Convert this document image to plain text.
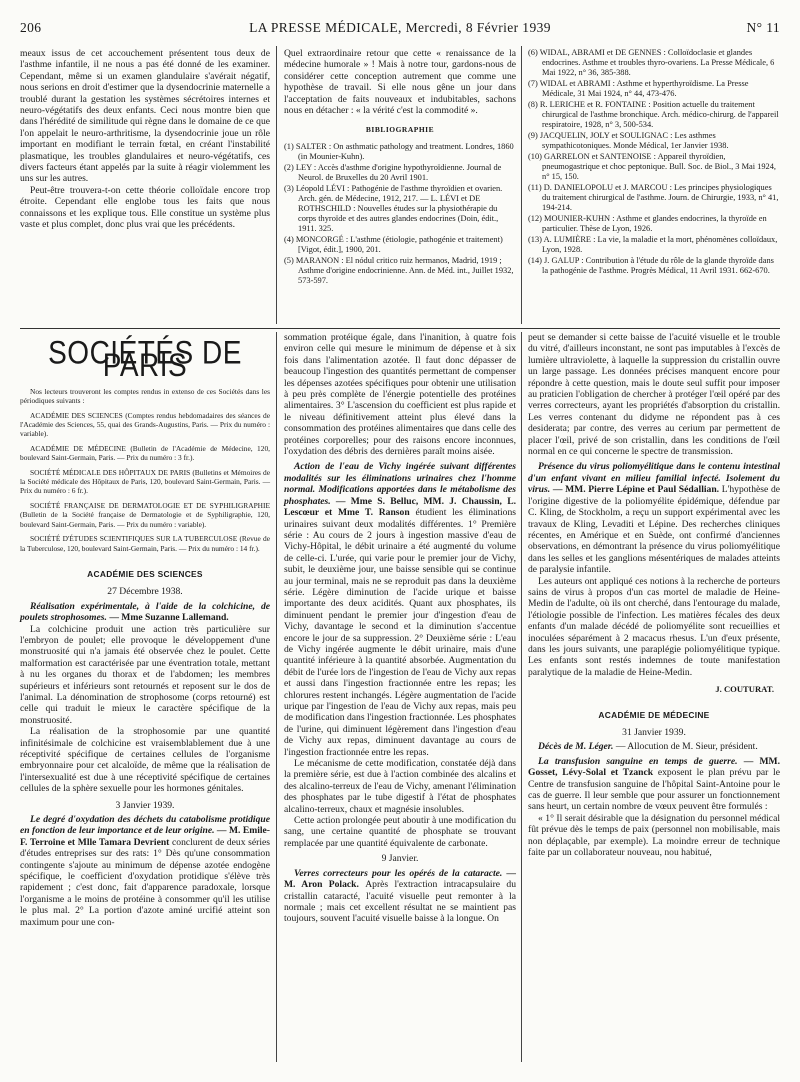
206	LA PRESSE MÉDICALE, Mercredi, 8 Février 1939	N° 11

meaux issus de cet accouchement présentent tous deux de l'asthme infantile, il ne nous a pas été donné de les examiner. Cependant, même si un examen glandulaire s'avérait négatif, nous serions en droit d'estimer que la dysendocrinie maternelle a troublé durant la gestation les systèmes sécrétoires internes et neuro-végétatifs des deux enfants. Ceci nous montre bien que dans l'hérédité de similitude qui règne dans le domaine de ce que l'on appelait le neuro-arthritisme, la dysendocrinie joue un rôle important en modifiant le terrain fœtal, en créant l'instabilité plasmatique, les troubles glandulaires et neuro-végétatifs, ces divers facteurs étant appelés par la suite à réagir violemment les uns sur les autres.

Peut-être trouvera-t-on cette théorie colloïdale encore trop étroite. Cependant elle englobe tous les faits que nous connaissons et les explique tous. Elle constitue un système plus vaste et plus complet, donc plus vrai que les précédents.

Quel extraordinaire retour que cette « renaissance de la médecine humorale » ! Mais à notre tour, gardons-nous de considérer cette conception autrement que comme une hypothèse de travail. Si elle nous gêne un jour dans l'acceptation de faits nouveaux et indubitables, sachons nous en détacher : « la vérité c'est la commodité ».

BIBLIOGRAPHIE
(1) SALTER : On asthmatic pathology and treatment. Londres, 1860 (in Mounier-Kuhn).
(2) LEY : Accès d'asthme d'origine hypothyroïdienne. Journal de Neurol. de Bruxelles du 20 Avril 1901.
(3) Léopold LÉVI : Pathogénie de l'asthme thyroïdien et ovarien. Arch. gén. de Médecine, 1912, 217. — L. LÉVI et DE ROTHSCHILD : Nouvelles études sur la physiothérapie du corps thyroïde et des autres glandes endocrines (Doin, édit., 1911. 325.
(4) MONCORGÉ : L'asthme (étiologie, pathogénie et traitement) [Vigot, édit.], 1900, 201.
(5) MARANON : El nódul critico ruiz hermanos, Madrid, 1919 ; Asthme d'origine endocrinienne. Ann. de Méd. int., Juillet 1932, 573-597.
(6) WIDAL, ABRAMI et DE GENNES : Colloïdoclasie et glandes endocrines. Asthme et troubles thyro-ovariens. La Presse Médicale, 6 Mai 1922, n° 36, 385-388.
(7) WIDAL et ABRAMI : Asthme et hyperthyroïdisme. La Presse Médicale, 31 Mai 1924, n° 44, 473-476.
(8) R. LERICHE et R. FONTAINE : Position actuelle du traitement chirurgical de l'asthme bronchique. Arch. médico-chirurg. de l'appareil respiratoire, 1928, n° 3, 500-534.
(9) JACQUELIN, JOLY et SOULIGNAC : Les asthmes sympathicotoniques. Monde Médical, 1er Janvier 1938.
(10) GARRELON et SANTENOISE : Appareil thyroïdien, pneumogastrique et choc peptonique. Bull. Soc. de Biol., 3 Mai 1924, n° 15, 150.
(11) D. DANIELOPOLU et J. MARCOU : Les principes physiologiques du traitement chirurgical de l'asthme. Journ. de Chirurgie, 1933, n° 41, 194-214.
(12) MOUNIER-KUHN : Asthme et glandes endocrines, la thyroïde en particulier. Thèse de Lyon, 1926.
(13) A. LUMIÈRE : La vie, la maladie et la mort, phénomènes colloïdaux, Lyon, 1928.
(14) J. GALUP : Contribution à l'étude du rôle de la glande thyroïde dans la pathogénie de l'asthme. Progrès Médical, 11 Avril 1931. 662-670.
SOCIÉTÉS DE PARIS
Nos lecteurs trouveront les comptes rendus in extenso de ces Sociétés dans les périodiques suivants :
ACADÉMIE DES SCIENCES (Comptes rendus hebdomadaires des séances de l'Académie des Sciences, 55, quai des Grands-Augustins, Paris. — Prix du numéro : variable).
ACADÉMIE DE MÉDECINE (Bulletin de l'Académie de Médecine, 120, boulevard Saint-Germain, Paris. — Prix du numéro : 3 fr.).
SOCIÉTÉ MÉDICALE DES HÔPITAUX DE PARIS (Bulletins et Mémoires de la Société médicale des Hôpitaux de Paris, 120, boulevard Saint-Germain, Paris. — Prix du numéro : 6 fr.).
SOCIÉTÉ FRANÇAISE DE DERMATOLOGIE ET DE SYPHILIGRAPHIE (Bulletin de la Société française de Dermatologie et de Syphiligraphie, 120, boulevard Saint-Germain, Paris. — Prix du numéro : variable).
SOCIÉTÉ D'ÉTUDES SCIENTIFIQUES SUR LA TUBERCULOSE (Revue de la Tuberculose, 120, boulevard Saint-Germain, Paris. — Prix du numéro : 14 fr.).
ACADÉMIE DES SCIENCES
27 Décembre 1938.

Réalisation expérimentale, à l'aide de la colchicine, de poulets strophosomes. — Mme Suzanne Lallemand.

La colchicine produit une action très particulière sur l'embryon de poulet; elle provoque le développement d'une monstruosité qui n'a jamais été observée chez le poulet. Cette malformation est caractérisée par une éventration totale, mettant à nu les organes du thorax et de l'abdomen; les membres supérieurs et inférieurs sont retournés et reposent sur le dos de l'animal. La dénomination de strophosome (corps retourné) est celle qui traduit le mieux le caractère spécifique de la monstruosité.

La réalisation de la strophosomie par une quantité infinitésimale de colchicine est vraisemblablement due à une réceptivité spécifique de certaines cellules de l'organisme embryonnaire pour cet alcaloïde, de même que la réalisation de l'intersexualité est due à une réceptivité spécifique de certaines cellules de la sphère sexuelle pour les hormones génitales.

3 Janvier 1939.

Le degré d'oxydation des déchets du catabolisme protidique en fonction de leur importance et de leur origine. — M. Emile-F. Terroine et Mlle Tamara Devrient conclurent de deux séries d'études entreprises sur des rats: 1° Dès qu'une consommation contingente s'ajoute au minimum de dépense azotée endogène spécifique, le coefficient d'oxydation protidique s'élève très rapidement ; c'est donc, fait d'apparence paradoxale, lorsque l'organisme a le moins de protéine à consommer qu'il les utilise le plus mal. 2° La portion d'azote aminé urcifié atteint son maximum pour une con-

sommation protéique égale, dans l'inanition, à quatre fois environ celle qui mesure le minimum de dépense et à six fois dans l'alimentation azotée. Il faut donc dépasser de beaucoup l'ingestion des quantités permettant de compenser les dépenses azotées spécifiques pour obtenir une utilisation à peu près complète de l'énergie potentielle des protéines alimentaires. 3° L'ascension du coefficient est plus rapide et le niveau définitivement atteint plus élevé dans la consommation des protéines alimentaires que dans celle des protéines corporelles; pour des raisons encore inconnues, l'oxydation des débris des dernières paraît moins aisée.

Action de l'eau de Vichy ingérée suivant différentes modalités sur les éliminations urinaires chez l'homme normal. Modifications apportées dans le métabolisme des phosphates. — Mme S. Belluc, MM. J. Chaussin, L. Lescœur et Mme T. Ranson étudient les éliminations urinaires suivant deux modalités différentes. 1° Première série : Au cours de 2 jours à ingestion massive d'eau de Vichy-Hôpital, le débit urinaire a été augmenté du volume de celle-ci. L'urée, qui varie pour le premier jour de Vichy, subit, le deuxième jour, une baisse sensible qui se continue au jour terminal, mais ne se reproduit pas dans la deuxième série. Légère diminution de l'acide urique et baisse importante des deux acidités. Quant aux phosphates, ils diminuent pendant le premier jour d'ingestion d'eau de Vichy, davantage le second et la diminution s'accentue encore le jour de sa suppression. 2° Deuxième série : L'eau de Vichy ingérée augmente le débit urinaire, mais d'une quantité inférieure à la quantité absorbée. Augmentation du débit de l'urée lors de l'ingestion de l'eau de Vichy aux repas et aussi dans l'ingestion fractionnée entre les repas; les chlorures restent inchangés. Légère augmentation de l'acide urique par l'ingestion de l'eau de Vichy aux repas, mais peu de modification dans l'ingestion fractionnée. Les phosphates de l'urine, qui diminuent légèrement dans l'ingestion d'eau de Vichy aux repas, diminuent davantage au cours de l'ingestion fractionnée entre les repas.

Le mécanisme de cette modification, constatée déjà dans la première série, est due à l'action combinée des alcalins et des alcalino-terreux de l'eau de Vichy, amenant l'élimination des phosphates par le tube digestif à l'état de phosphates alcalino-terreux, chaux et magnésie insolubles.

Cette action prolongée peut aboutir à une modification du sang, une certaine quantité de phosphate se trouvant remplacée par une quantité équivalente de carbonate.

9 Janvier.

Verres correcteurs pour les opérés de la cataracte. — M. Aron Polack. Après l'extraction intracapsulaire du cristallin cataracté, l'acuité visuelle peut remonter à la normale ; mais cet excellent résultat ne se maintient pas toujours, souvent l'acuité visuelle baisse à la longue. On

peut se demander si cette baisse de l'acuité visuelle et le trouble du vitré, d'ailleurs inconstant, ne sont pas imputables à l'excès de lumière ultraviolette, à laquelle la suppression du cristallin ouvre un large passage. Les données précises manquent encore pour répondre à cette question, mais le doute seul suffit pour imposer au praticien l'obligation de chercher à protéger l'œil opéré par des verres correcteurs, ayant les propriétés d'absorption du cristallin. Les verres contenant du didyme ne répondent pas à ces desiderata; par contre, des verres au cerium par permettent de placer l'œil, privé de son cristallin, dans les conditions de l'œil normal en ce qui concerne le spectre de transmission.

Présence du virus poliomyélitique dans le contenu intestinal d'un enfant vivant en milieu familial infecté. Isolement du virus. — MM. Pierre Lépine et Paul Sédallian. L'hypothèse de l'origine digestive de la poliomyélite épidémique, défendue par C. Kling, de Stockholm, a reçu un support expérimental avec les travaux de Kling, Levaditi et Lépine. Des recherches cliniques récentes, en Amérique et en Suède, ont confirmé d'anciennes observations, en démontrant la présence du virus poliomyélitique dans les selles et les ganglions mésentériques de malades atteints de paralysie infantile.

Les auteurs ont appliqué ces notions à la recherche de porteurs sains de virus à propos d'un cas mortel de maladie de Heine-Medin de l'adulte, où ils ont cherché, dans l'entourage du malade, l'étiologie possible de l'infection. Les matières fécales des deux enfants d'un malade décédé de poliomyélite sont recueillies et inoculées séparément à 2 macacus rhesus. L'un d'eux présente, dans les jours suivants, une paraplégie poliomyélitique typique. Les enfants sont restés indemnes de toute manifestation paralytique de la maladie de Heine-Medin.

J. COUTURAT.
ACADÉMIE DE MÉDECINE
31 Janvier 1939.

Décès de M. Léger. — Allocution de M. Sieur, président.

La transfusion sanguine en temps de guerre. — MM. Gosset, Lévy-Solal et Tzanck exposent le plan prévu par le Centre de transfusion sanguine de l'hôpital Saint-Antoine pour le cas de guerre. Il leur semble que pour assurer un fonctionnement sans heurt, un certain nombre de vœux peuvent être formulés :

« 1° Il serait désirable que la désignation du personnel médical fût prévue dès le temps de paix (personnel non mobilisable, mais non déplaçable, par exemple). La moindre erreur de technique faite par un collaborateur nouveau, nou habitué,
